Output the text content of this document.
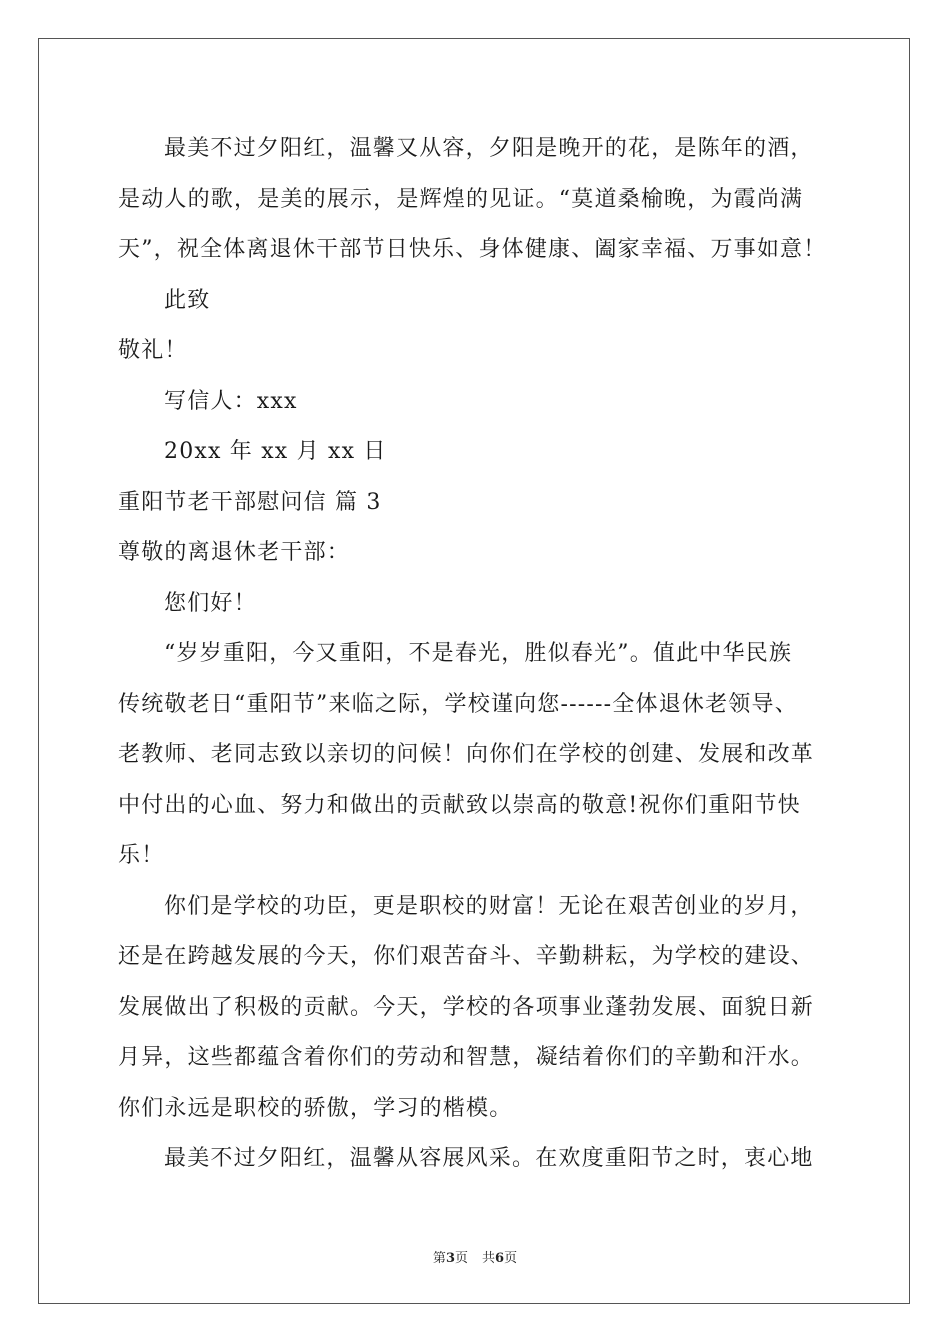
最美不过夕阳红，温馨又从容，夕阳是晚开的花，是陈年的酒，
是动人的歌，是美的展示，是辉煌的见证。“莫道桑榆晚，为霞尚满
天”，祝全体离退休干部节日快乐、身体健康、阖家幸福、万事如意！
此致
敬礼！
写信人：xxx
20xx 年 xx 月 xx 日
重阳节老干部慰问信 篇 3
尊敬的离退休老干部：
您们好！
“岁岁重阳，今又重阳，不是春光，胜似春光”。值此中华民族
传统敬老日“重阳节”来临之际，学校谨向您------全体退休老领导、
老教师、老同志致以亲切的问候！向你们在学校的创建、发展和改革
中付出的心血、努力和做出的贡献致以崇高的敬意!祝你们重阳节快
乐！
你们是学校的功臣，更是职校的财富！无论在艰苦创业的岁月，
还是在跨越发展的今天，你们艰苦奋斗、辛勤耕耘，为学校的建设、
发展做出了积极的贡献。今天，学校的各项事业蓬勃发展、面貌日新
月异，这些都蕴含着你们的劳动和智慧，凝结着你们的辛勤和汗水。
你们永远是职校的骄傲，学习的楷模。
最美不过夕阳红，温馨从容展风采。在欢度重阳节之时，衷心地
第3页 共6页
